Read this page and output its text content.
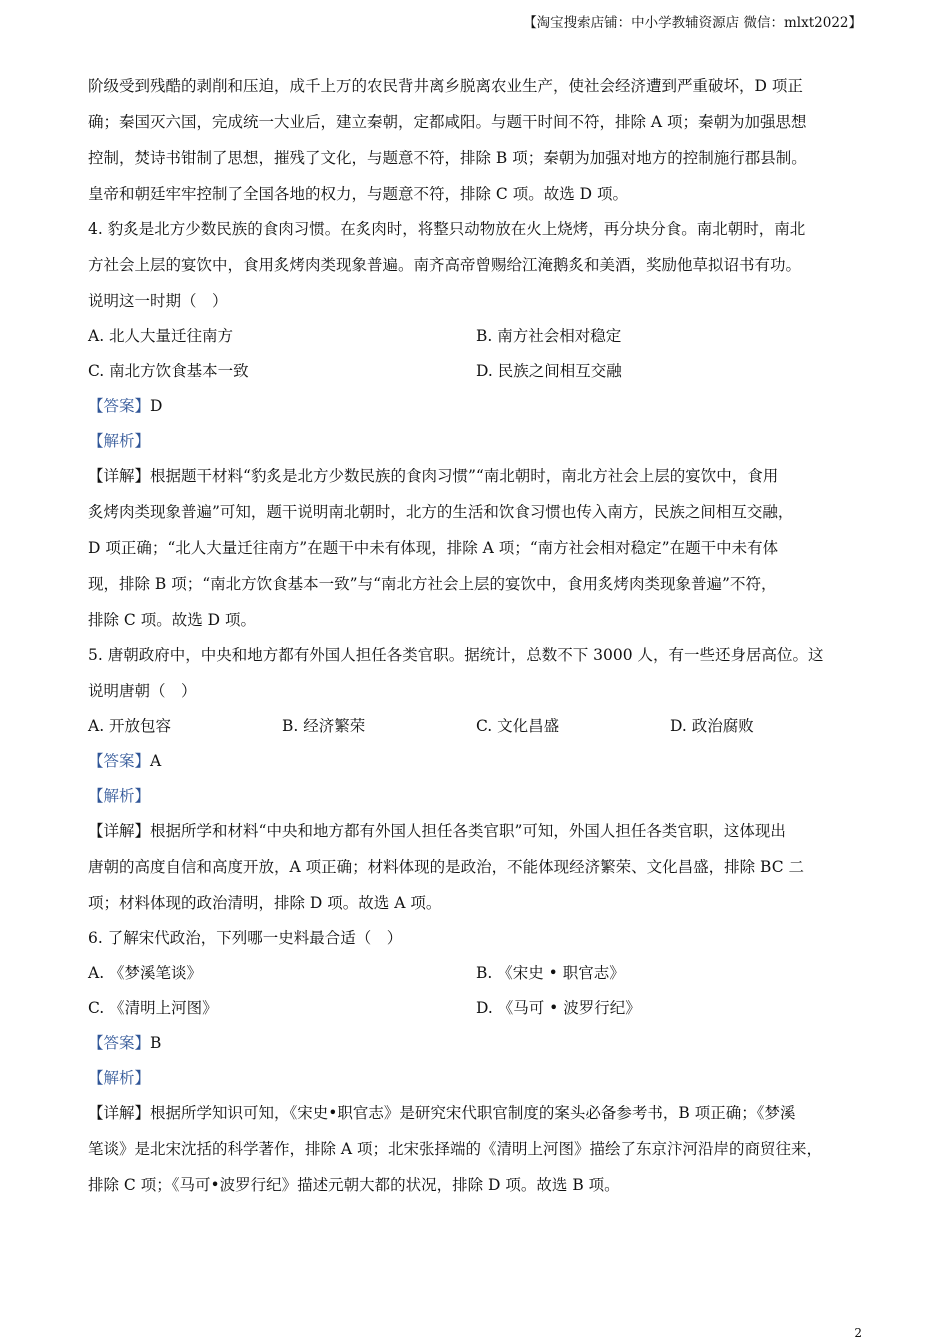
【淘宝搜索店铺：中小学教辅资源店 微信：mlxt2022】
阶级受到残酷的剥削和压迫，成千上万的农民背井离乡脱离农业生产，使社会经济遭到严重破坏，D 项正
确；秦国灭六国，完成统一大业后，建立秦朝，定都咸阳。与题干时间不符，排除 A 项；秦朝为加强思想
控制，焚诗书钳制了思想，摧残了文化，与题意不符，排除 B 项；秦朝为加强对地方的控制施行郡县制。
皇帝和朝廷牢牢控制了全国各地的权力，与题意不符，排除 C 项。故选 D 项。
4. 豹炙是北方少数民族的食肉习惯。在炙肉时，将整只动物放在火上烧烤，再分块分食。南北朝时，南北
方社会上层的宴饮中，食用炙烤肉类现象普遍。南齐高帝曾赐给江淹鹅炙和美酒，奖励他草拟诏书有功。
说明这一时期（　）
A. 北人大量迁往南方	B. 南方社会相对稳定
C. 南北方饮食基本一致	D. 民族之间相互交融
【答案】D
【解析】
【详解】根据题干材料“豹炙是北方少数民族的食肉习惯”“南北朝时，南北方社会上层的宴饮中，食用
炙烤肉类现象普遍”可知，题干说明南北朝时，北方的生活和饮食习惯也传入南方，民族之间相互交融，
D 项正确；“北人大量迁往南方”在题干中未有体现，排除 A 项；“南方社会相对稳定”在题干中未有体
现，排除 B 项；“南北方饮食基本一致”与“南北方社会上层的宴饮中，食用炙烤肉类现象普遍”不符，
排除 C 项。故选 D 项。
5. 唐朝政府中，中央和地方都有外国人担任各类官职。据统计，总数不下 3000 人，有一些还身居高位。这
说明唐朝（　）
A. 开放包容	B. 经济繁荣	C. 文化昌盛	D. 政治腐败
【答案】A
【解析】
【详解】根据所学和材料“中央和地方都有外国人担任各类官职”可知，外国人担任各类官职，这体现出
唐朝的高度自信和高度开放，A 项正确；材料体现的是政治，不能体现经济繁荣、文化昌盛，排除 BC 二
项；材料体现的政治清明，排除 D 项。故选 A 项。
6. 了解宋代政治，下列哪一史料最合适（　）
A. 《梦溪笔谈》	B. 《宋史 • 职官志》
C. 《清明上河图》	D. 《马可 • 波罗行纪》
【答案】B
【解析】
【详解】根据所学知识可知，《宋史•职官志》是研究宋代职官制度的案头必备参考书，B 项正确；《梦溪
笔谈》是北宋沈括的科学著作，排除 A 项；北宋张择端的《清明上河图》描绘了东京汴河沿岸的商贸往来，
排除 C 项；《马可•波罗行纪》描述元朝大都的状况，排除 D 项。故选 B 项。
2
